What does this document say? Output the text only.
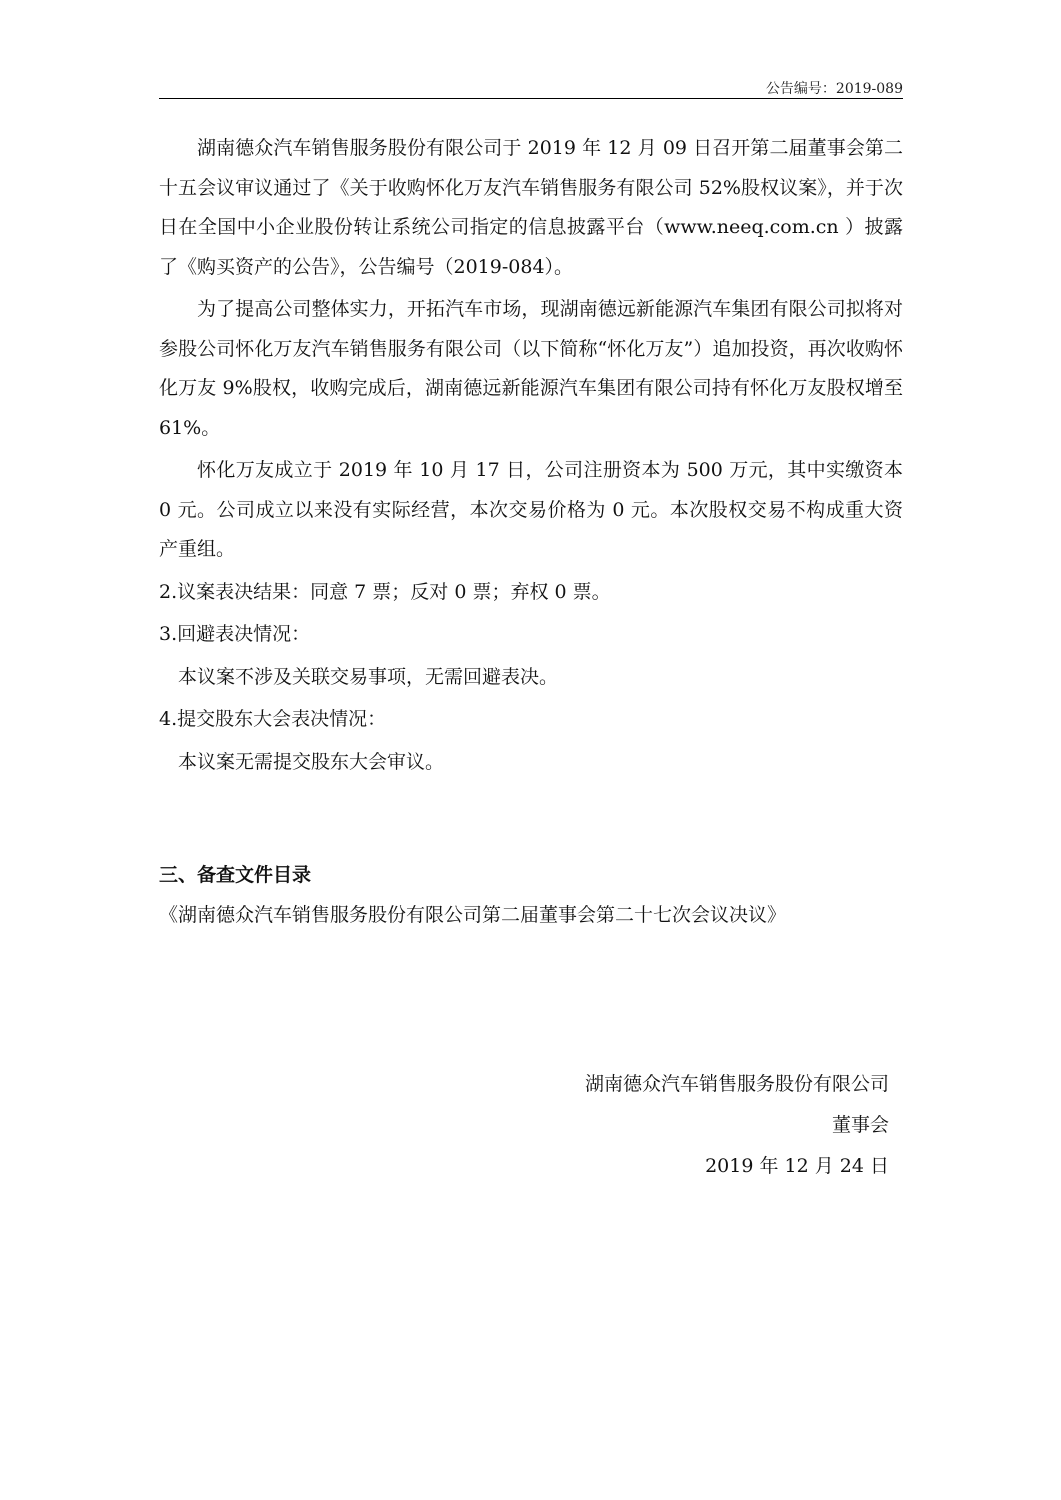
公告编号：2019-089

湖南德众汽车销售服务股份有限公司于 2019 年 12 月 09 日召开第二届董事会第二十五会议审议通过了《关于收购怀化万友汽车销售服务有限公司 52%股权议案》，并于次日在全国中小企业股份转让系统公司指定的信息披露平台（www.neeq.com.cn ）披露了《购买资产的公告》，公告编号（2019-084）。

为了提高公司整体实力，开拓汽车市场，现湖南德远新能源汽车集团有限公司拟将对参股公司怀化万友汽车销售服务有限公司（以下简称“怀化万友”）追加投资，再次收购怀化万友 9%股权，收购完成后，湖南德远新能源汽车集团有限公司持有怀化万友股权增至 61%。

怀化万友成立于 2019 年 10 月 17 日，公司注册资本为 500 万元，其中实缴资本 0 元。公司成立以来没有实际经营，本次交易价格为 0 元。本次股权交易不构成重大资产重组。

2.议案表决结果：同意 7 票；反对 0 票；弃权 0 票。

3.回避表决情况：

本议案不涉及关联交易事项，无需回避表决。

4.提交股东大会表决情况：

本议案无需提交股东大会审议。

三、备查文件目录

《湖南德众汽车销售服务股份有限公司第二届董事会第二十七次会议决议》

湖南德众汽车销售服务股份有限公司
董事会
2019 年 12 月 24 日
